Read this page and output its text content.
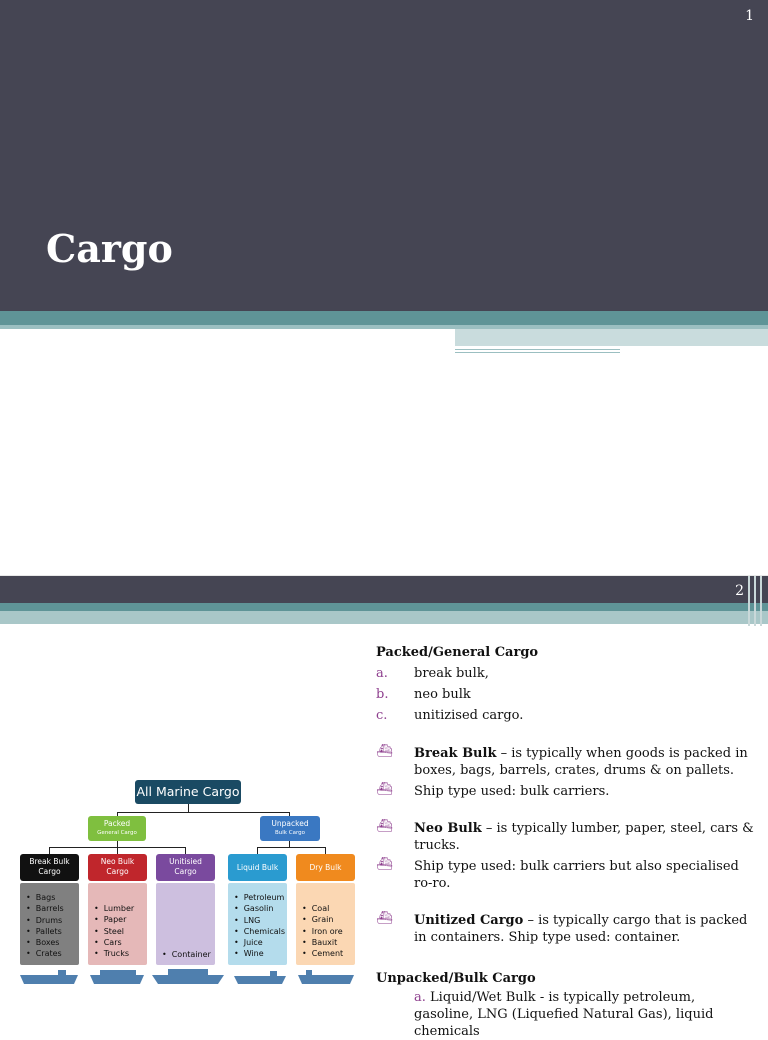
1
Cargo
2
All Marine Cargo
Packed
General Cargo
Unpacked
Bulk Cargo
Break Bulk
Cargo
Neo Bulk
Cargo
Unitisied
Cargo	Liquid Bulk	Dry Bulk
• Bags
• Barrels
• Drums
• Pallets
• Boxes
• Crates
• Lumber
• Paper
• Steel
• Cars
• Trucks
•	Container
• Petroleum
• Gasolin
• LNG
• Chemicals
• Juice
• Wine
• Coal
• Grain
• Iron ore
• Bauxit
• Cement
Packed/General Cargo
a. break bulk,
b. neo bulk
c. unitizised cargo.
⛴ Break Bulk – is typically when goods is packed in boxes, bags, barrels, crates, drums & on pallets.
⛴ Ship type used: bulk carriers.
⛴ Neo Bulk – is typically lumber, paper, steel, cars & trucks.
⛴ Ship type used: bulk carriers but also specialised ro-ro.
⛴ Unitized Cargo – is typically cargo that is packed in containers. Ship type used: container.
Unpacked/Bulk Cargo
a. Liquid/Wet Bulk - is typically petroleum, gasoline, LNG (Liquefied Natural Gas), liquid chemicals
